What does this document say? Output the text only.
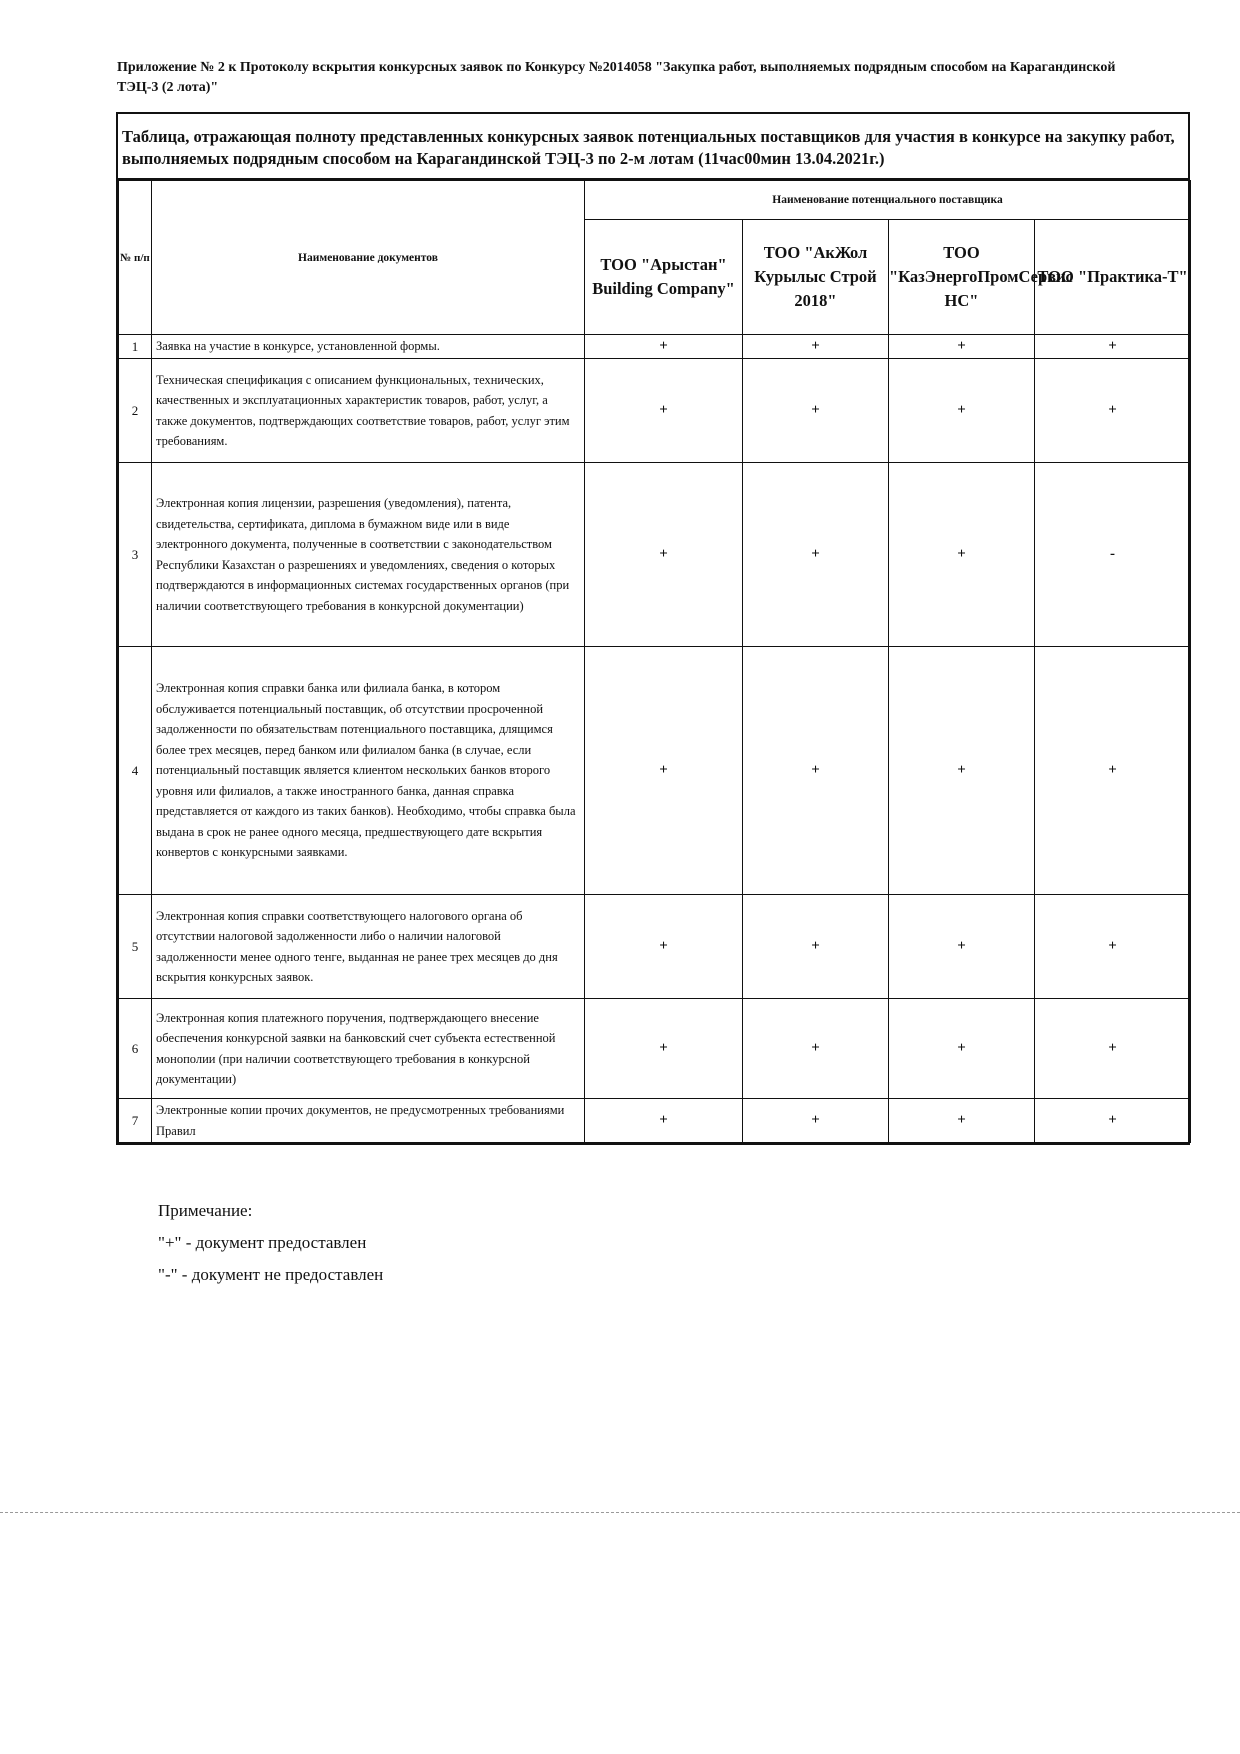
Приложение № 2 к Протоколу вскрытия конкурсных заявок по Конкурсу №2014058 "Закупка работ, выполняемых подрядным способом на Карагандинской ТЭЦ-3 (2 лота)"
Таблица, отражающая полноту представленных конкурсных заявок потенциальных поставщиков для участия в конкурсе на закупку работ, выполняемых подрядным способом на Карагандинской ТЭЦ-3 по 2-м лотам (11час00мин 13.04.2021г.)
№ п/п	Наименование документов	Наименование потенциального поставщика			
		ТОО "Арыстан" Building Company"	ТОО "АкЖол Курылыс Строй 2018"	ТОО "КазЭнергоПромСервис НС"	ТОО "Практика-Т"
1	Заявка на участие в конкурсе, установленной формы.	+	+	+	+
2	Техническая спецификация с описанием функциональных, технических, качественных и эксплуатационных характеристик товаров, работ, услуг, а также документов, подтверждающих соответствие товаров, работ, услуг этим требованиям.	+	+	+	+
3	Электронная копия лицензии, разрешения (уведомления), патента, свидетельства, сертификата, диплома в бумажном виде или в виде электронного документа, полученные в соответствии с законодательством Республики Казахстан о разрешениях и уведомлениях, сведения о которых подтверждаются в информационных системах государственных органов (при наличии соответствующего требования в конкурсной документации)	+	+	+	-
4	Электронная копия справки банка или филиала банка, в котором обслуживается потенциальный поставщик, об отсутствии просроченной задолженности по обязательствам потенциального поставщика, длящимся более трех месяцев, перед банком или филиалом банка (в случае, если потенциальный поставщик является клиентом нескольких банков второго уровня или филиалов, а также иностранного банка, данная справка представляется от каждого из таких банков). Необходимо, чтобы справка была выдана в срок не ранее одного месяца, предшествующего дате вскрытия конвертов с конкурсными заявками.	+	+	+	+
5	Электронная копия справки соответствующего налогового органа об отсутствии налоговой задолженности либо о наличии налоговой задолженности менее одного тенге, выданная не ранее трех месяцев до дня вскрытия конкурсных заявок.	+	+	+	+
6	Электронная копия платежного поручения, подтверждающего внесение обеспечения конкурсной заявки на банковский счет субъекта естественной монополии (при наличии соответствующего требования в конкурсной документации)	+	+	+	+
7	Электронные копии прочих документов, не предусмотренных требованиями Правил	+	+	+	+
Примечание:
"+" - документ предоставлен
"-" - документ не предоставлен
